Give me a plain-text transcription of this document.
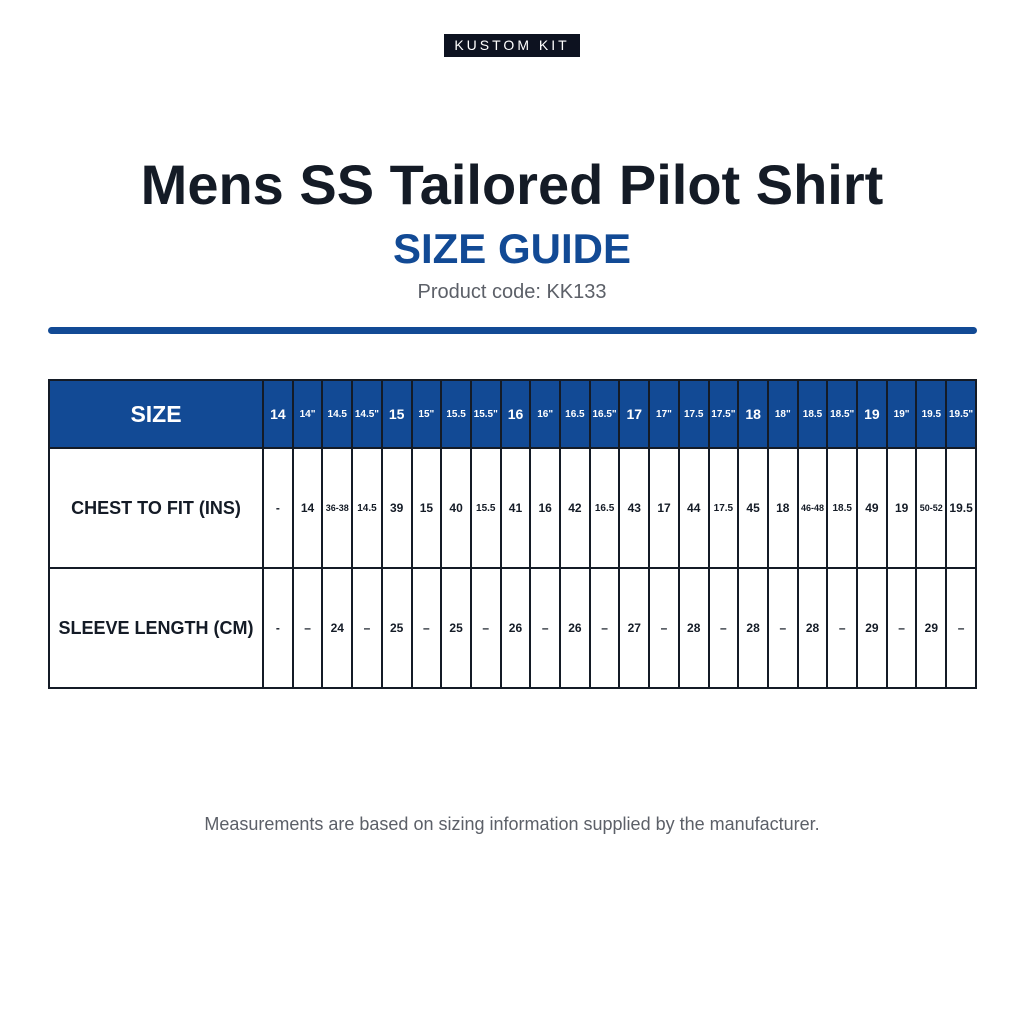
KUSTOM KIT
Mens SS Tailored Pilot Shirt
SIZE GUIDE
Product code: KK133
SIZE	14	14"	14.5	14.5"	15	15"	15.5	15.5"	16	16"	16.5	16.5"	17	17"	17.5	17.5"	18	18"	18.5	18.5"	19	19"	19.5	19.5"
CHEST TO FIT (INS)	-	14	36-38	14.5	39	15	40	15.5	41	16	42	16.5	43	17	44	17.5	45	18	46-48	18.5	49	19	50-52	19.5
SLEEVE LENGTH (CM)	-	–	24	–	25	–	25	–	26	–	26	–	27	–	28	–	28	–	28	–	29	–	29	–
Measurements are based on sizing information supplied by the manufacturer.
